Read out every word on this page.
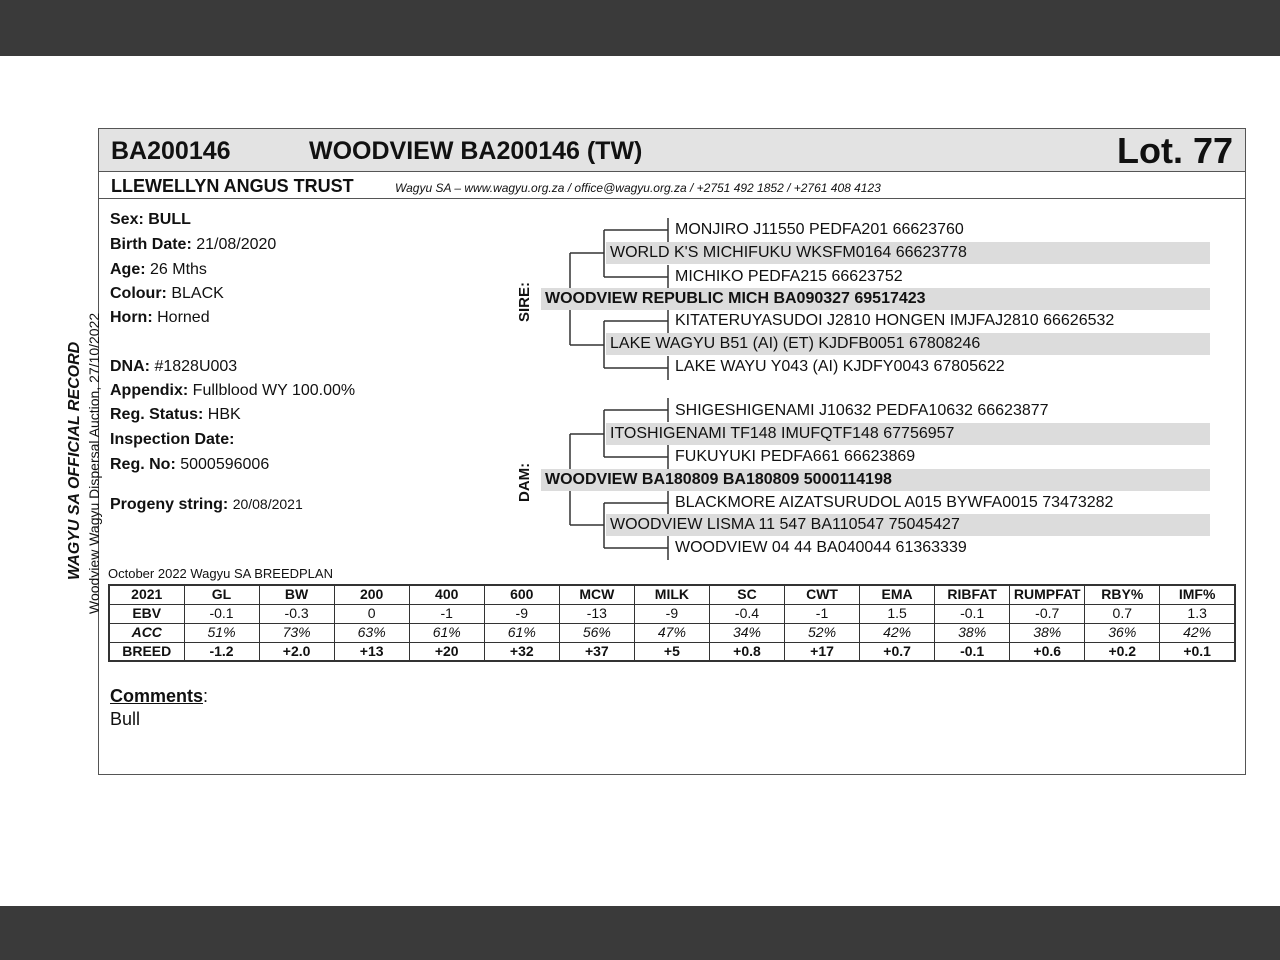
BA200146	WOODVIEW BA200146 (TW)	Lot. 77
LLEWELLYN ANGUS TRUST	Wagyu SA – www.wagyu.org.za / office@wagyu.org.za / +2751 492 1852 / +2761 408 4123
WAGYU SA OFFICIAL RECORD Woodview Wagyu Dispersal Auction, 27/10/2022
Sex: BULL
Birth Date: 21/08/2020
Age: 26 Mths
Colour: BLACK
Horn: Horned
DNA: #1828U003
Appendix: Fullblood WY 100.00%
Reg. Status: HBK
Inspection Date:
Reg. No: 5000596006
Progeny string: 20/08/2021
SIRE:
DAM:
MONJIRO J11550 PEDFA201 66623760
WORLD K'S MICHIFUKU WKSFM0164 66623778
MICHIKO PEDFA215 66623752
WOODVIEW REPUBLIC MICH BA090327 69517423
KITATERUYASUDOI J2810 HONGEN IMJFAJ2810 66626532
LAKE WAGYU B51 (AI) (ET) KJDFB0051 67808246
LAKE WAYU Y043 (AI) KJDFY0043 67805622
SHIGESHIGENAMI J10632 PEDFA10632 66623877
ITOSHIGENAMI TF148 IMUFQTF148 67756957
FUKUYUKI PEDFA661 66623869
WOODVIEW BA180809 BA180809 5000114198
BLACKMORE AIZATSURUDOL A015 BYWFA0015 73473282
WOODVIEW LISMA 11 547 BA110547 75045427
WOODVIEW 04 44 BA040044 61363339
October 2022 Wagyu SA BREEDPLAN
2021	GL	BW	200	400	600	MCW	MILK	SC	CWT	EMA	RIBFAT	RUMPFAT	RBY%	IMF%
EBV	-0.1	-0.3	0	-1	-9	-13	-9	-0.4	-1	1.5	-0.1	-0.7	0.7	1.3
ACC	51%	73%	63%	61%	61%	56%	47%	34%	52%	42%	38%	38%	36%	42%
BREED	-1.2	+2.0	+13	+20	+32	+37	+5	+0.8	+17	+0.7	-0.1	+0.6	+0.2	+0.1
Comments:
Bull
